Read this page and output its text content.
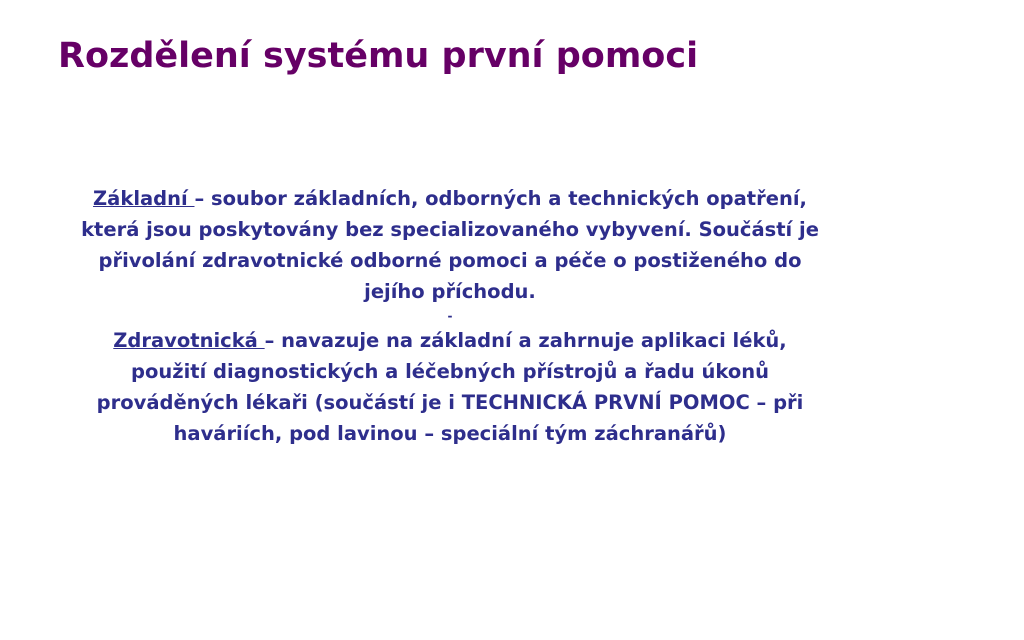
Rozdělení systému první pomoci

Základní – soubor základních, odborných a technických opatření, která jsou poskytovány bez specializovaného vybyvení. Součástí je přivolání zdravotnické odborné pomoci a péče o postiženého do jejího příchodu.

-

Zdravotnická – navazuje na základní a zahrnuje aplikaci léků, použití diagnostických a léčebných přístrojů a řadu úkonů prováděných lékaři (součástí je i TECHNICKÁ PRVNÍ POMOC – při haváriích, pod lavinou – speciální tým záchranářů)
